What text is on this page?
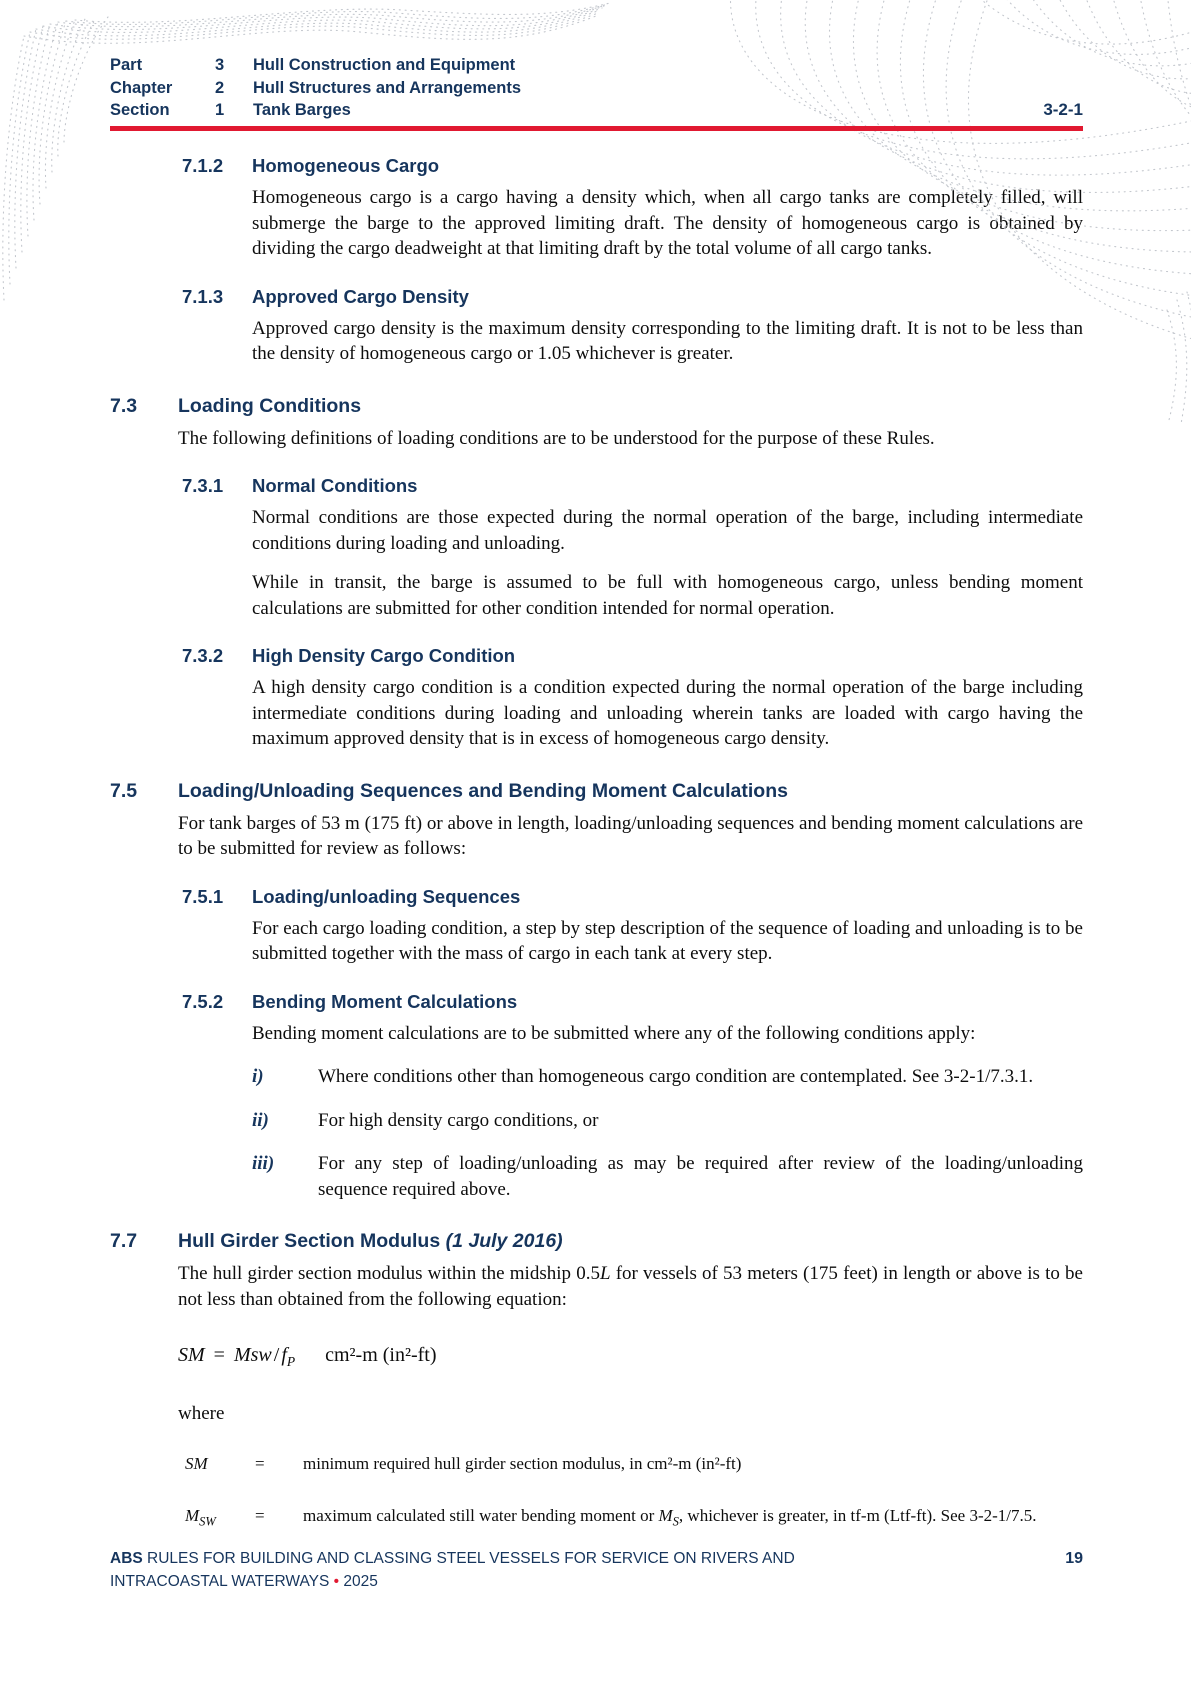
Part	3	Hull Construction and Equipment
Chapter	2	Hull Structures and Arrangements
Section	1	Tank Barges	3-2-1
7.1.2	Homogeneous Cargo

Homogeneous cargo is a cargo having a density which, when all cargo tanks are completely filled, will submerge the barge to the approved limiting draft. The density of homogeneous cargo is obtained by dividing the cargo deadweight at that limiting draft by the total volume of all cargo tanks.

7.1.3	Approved Cargo Density

Approved cargo density is the maximum density corresponding to the limiting draft. It is not to be less than the density of homogeneous cargo or 1.05 whichever is greater.

7.3	Loading Conditions

The following definitions of loading conditions are to be understood for the purpose of these Rules.

7.3.1	Normal Conditions

Normal conditions are those expected during the normal operation of the barge, including intermediate conditions during loading and unloading.

While in transit, the barge is assumed to be full with homogeneous cargo, unless bending moment calculations are submitted for other condition intended for normal operation.

7.3.2	High Density Cargo Condition

A high density cargo condition is a condition expected during the normal operation of the barge including intermediate conditions during loading and unloading wherein tanks are loaded with cargo having the maximum approved density that is in excess of homogeneous cargo density.

7.5	Loading/Unloading Sequences and Bending Moment Calculations

For tank barges of 53 m (175 ft) or above in length, loading/unloading sequences and bending moment calculations are to be submitted for review as follows:

7.5.1	Loading/unloading Sequences

For each cargo loading condition, a step by step description of the sequence of loading and unloading is to be submitted together with the mass of cargo in each tank at every step.

7.5.2	Bending Moment Calculations

Bending moment calculations are to be submitted where any of the following conditions apply:

i)	Where conditions other than homogeneous cargo condition are contemplated. See 3-2-1/7.3.1.

ii)	For high density cargo conditions, or

iii)	For any step of loading/unloading as may be required after review of the loading/unloading sequence required above.

7.7	Hull Girder Section Modulus (1 July 2016)

The hull girder section modulus within the midship 0.5L for vessels of 53 meters (175 feet) in length or above is to be not less than obtained from the following equation:

SM = Msw / $f_P$ cm²-m (in²-ft)
where
SM	=	minimum required hull girder section modulus, in cm²-m (in²-ft)

$M_{SW}$	=	maximum calculated still water bending moment or $M_S$, whichever is greater, in tf-m (Ltf-ft). See 3-2-1/7.5.

ABS RULES FOR BUILDING AND CLASSING STEEL VESSELS FOR SERVICE ON RIVERS AND
INTRACOASTAL WATERWAYS • 2025
19
